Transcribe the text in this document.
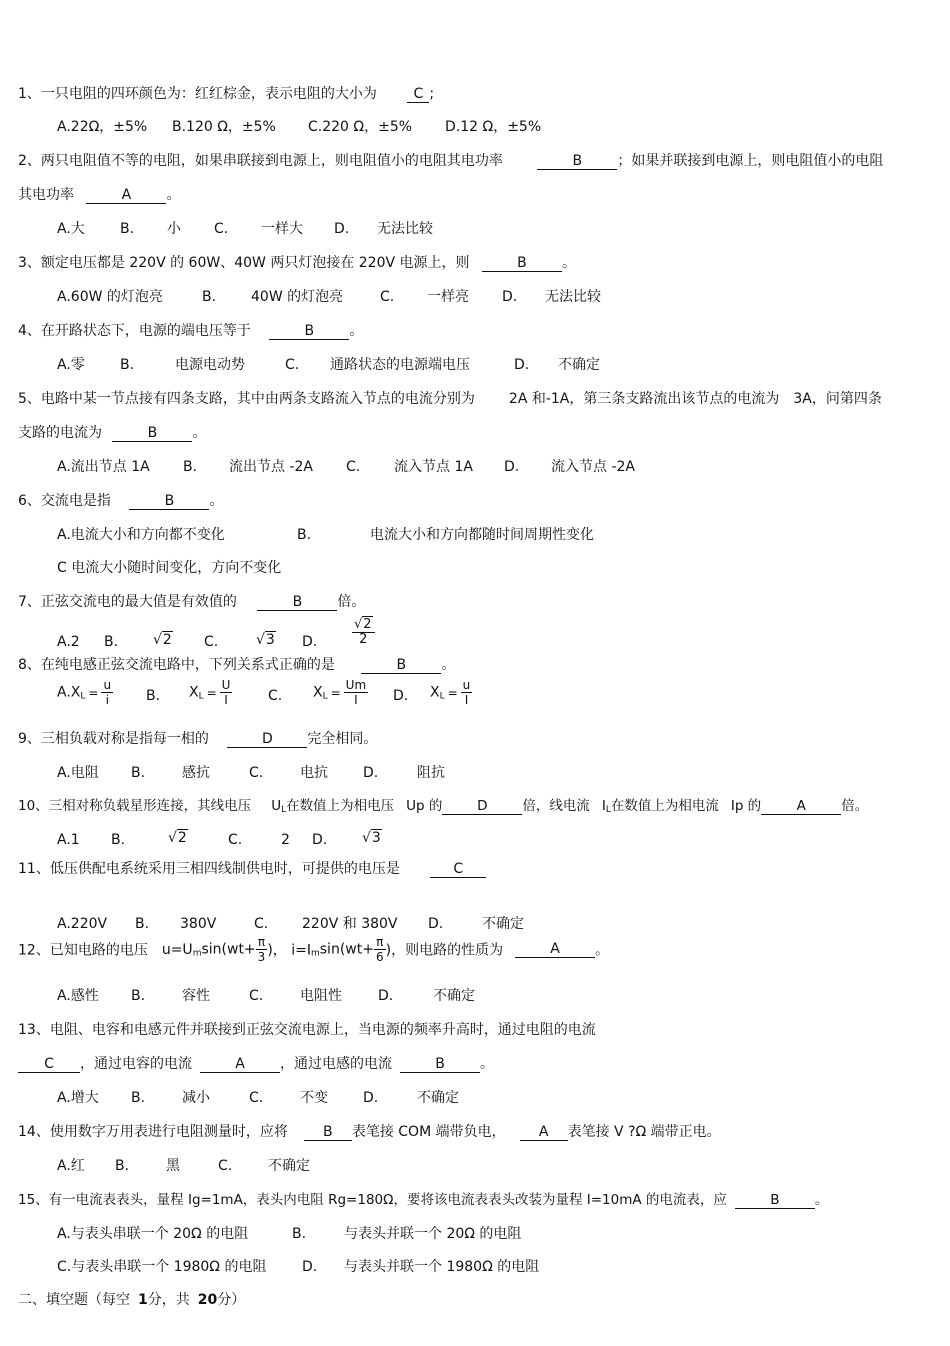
1、一只电阻的四环颜色为：红红棕金，表示电阻的大小为	C ;
A.22Ω，±5% B.120 Ω，±5% C.220 Ω，±5% D.12 Ω，±5%
2、两只电阻值不等的电阻，如果串联接到电源上，则电阻值小的电阻其电功率	B	；如果并联接到电源上，则电阻值小的电阻
其电功率	A	。
A.大	B. 小 C. 一样大 D. 无法比较
3、额定电压都是 220V 的 60W、40W 两只灯泡接在 220V 电源上，则	B	。
A.60W 的灯泡亮	B. 40W 的灯泡亮	C. 一样亮 D. 无法比较
4、在开路状态下，电源的端电压等于	B	。
A.零	B.	电源电动势	C. 通路状态的电源端电压	D. 不确定
5、电路中某一节点接有四条支路，其中由两条支路流入节点的电流分别为 2A 和-1A，第三条支路流出该节点的电流为 3A，问第四条
支路的电流为	B	。
A.流出节点 1A B. 流出节点 -2A C. 流入节点 1A D. 流入节点 -2A
6、交流电是指	B	。
A.电流大小和方向都不变化	B.	电流大小和方向都随时间周期性变化
C 电流大小随时间变化，方向不变化
7、正弦交流电的最大值是有效值的	B	倍。
A.2 B. √2 C.	√3 D.	$\frac{√2}{2}$
8、在纯电感正弦交流电路中，下列关系式正确的是	B	。
$A.X_L = \frac{u}{i} B$. $X_L = \frac{U}{I}$	C. $X_L = \frac{Um}{I} D$. $X_L = \frac{u}{I}$
9、三相负载对称是指每一相的	D 完全相同。
A.电阻 B.	感抗	C.	电抗	D.	阻抗
10、三相对称负载星形连接，其线电压 $U_L$在数值上为相电压 Up 的	D	倍，线电流 $I_L$在数值上为相电流 Ip 的	A	倍。
A.1 B.	√2	C.	2 D. √3
11、低压供配电系统采用三相四线制供电时，可提供的电压是	C
A.220V B. 380V	C. 220V 和 380V D.	不确定
12、已知电路的电压 $u=U_m\sin(wt+ \frac{\pi}{3}$ )， $i=I_m\sin(wt+ \frac{\pi}{6}$ )，则电路的性质为	A	。
A.感性 B.	容性	C.	电阻性	D.	不确定
13、电阻、电容和电感元件并联接到正弦交流电源上，当电源的频率升高时，通过电阻的电流
C ，通过电容的电流	A	，通过电感的电流	B	。
A.增大 B.	减小	C.	不变	D.	不确定
14、使用数字万用表进行电阻测量时，应将	B 表笔接 COM 端带负电， A 表笔接 V ?Ω 端带正电。
A.红 B.	黑	C.	不确定
15、有一电流表表头，量程 Ig=1mA，表头内电阻 Rg=180Ω，要将该电流表表头改装为量程 I=10mA 的电流表，应	B	。
A.与表头串联一个 20Ω 的电阻	B.	与表头并联一个 20Ω 的电阻
C.与表头串联一个 1980Ω 的电阻	D. 与表头并联一个 1980Ω 的电阻
二、填空题（每空 1分，共 20分）
